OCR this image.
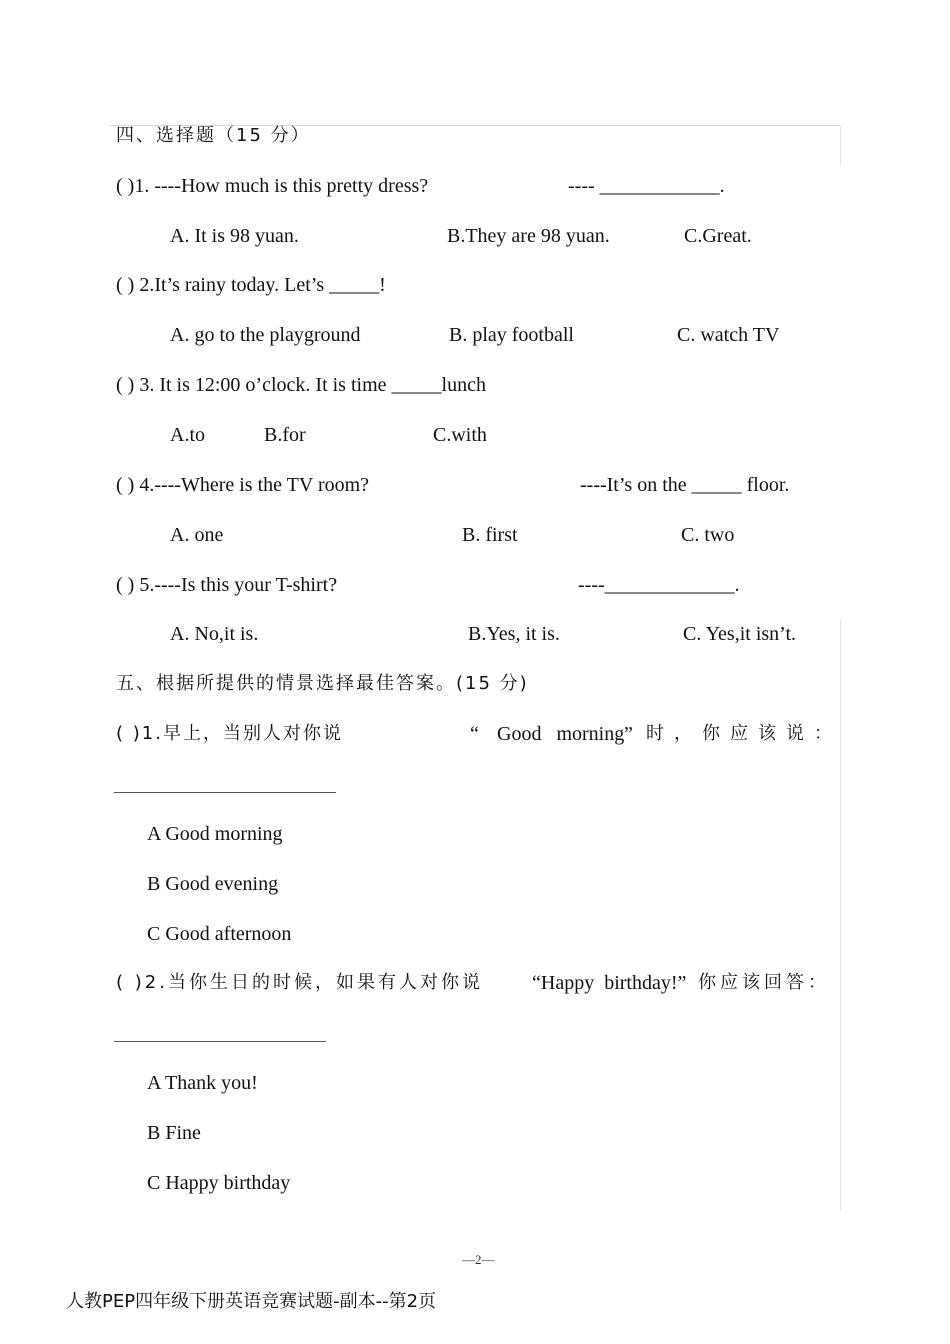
四、选择题（15 分）
( )1. ----How much is this pretty dress?	---- ____________.
A. It is 98 yuan.	B.They are 98 yuan.	C.Great.
( ) 2.It’s rainy today. Let’s _____!
A. go to the playground	B. play football	C. watch TV
( ) 3. It is 12:00 o’clock. It is time _____lunch
A.to	B.for	C.with
( ) 4.----Where is the TV room?	----It’s on the _____ floor.
A. one	B. first	C. two
( ) 5.----Is this your T-shirt?	----_____________.
A. No,it is.	B.Yes, it is.	C. Yes,it isn’t.
五、根据所提供的情景选择最佳答案。(15 分)
( )1.早上，当别人对你说	“ Good   morning ” 时，你应该说：
A Good morning
B Good evening
C Good afternoon
( )2.当你生日的时候，如果有人对你说 “Happy  birthday!” 你应该回答：
A Thank you!
B Fine
C Happy birthday
—2—
人教PEP四年级下册英语竞赛试题-副本--第2页
